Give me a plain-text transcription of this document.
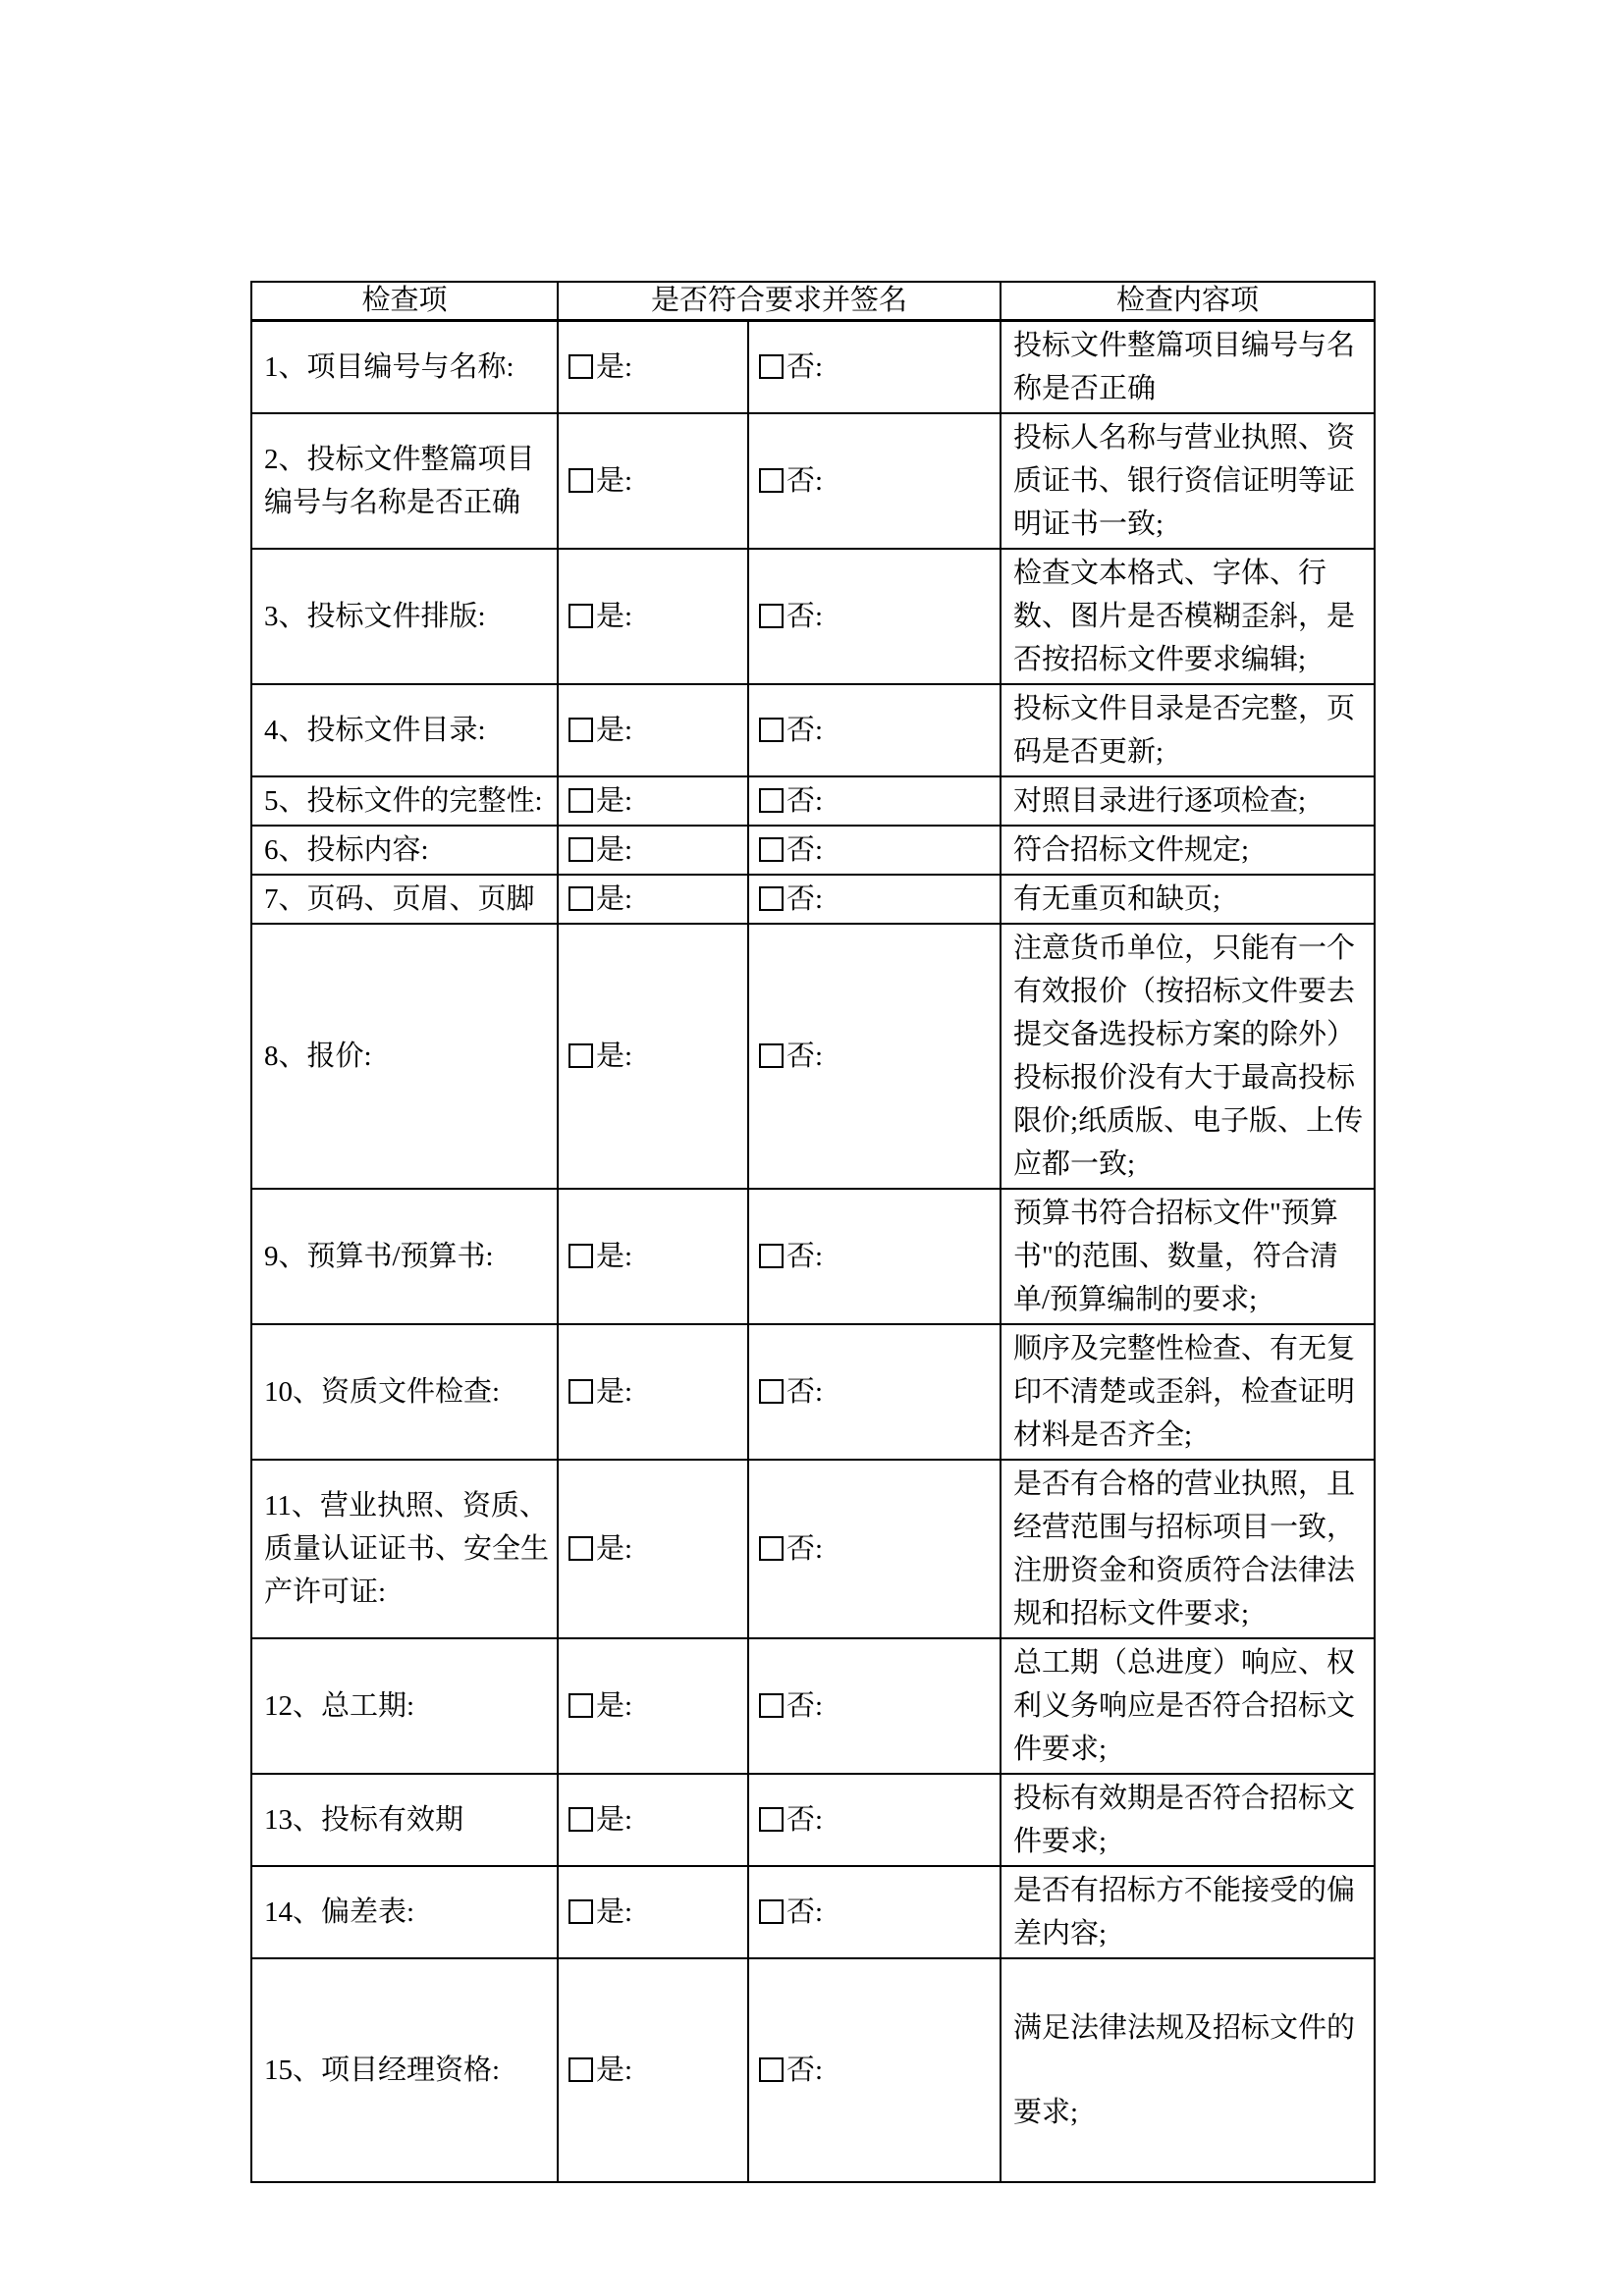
检查项	是否符合要求并签名		检查内容项
1、项目编号与名称:	是:	否:	投标文件整篇项目编号与名称是否正确
2、投标文件整篇项目编号与名称是否正确	是:	否:	投标人名称与营业执照、资质证书、银行资信证明等证明证书一致;
3、投标文件排版:	是:	否:	检查文本格式、字体、行数、图片是否模糊歪斜，是否按招标文件要求编辑;
4、投标文件目录:	是:	否:	投标文件目录是否完整，页码是否更新;
5、投标文件的完整性:	是:	否:	对照目录进行逐项检查;
6、投标内容:	是:	否:	符合招标文件规定;
7、页码、页眉、页脚	是:	否:	有无重页和缺页;
8、报价:	是:	否:	注意货币单位，只能有一个有效报价（按招标文件要去提交备选投标方案的除外）投标报价没有大于最高投标限价;纸质版、电子版、上传应都一致;
9、预算书/预算书:	是:	否:	预算书符合招标文件"预算书"的范围、数量，符合清单/预算编制的要求;
10、资质文件检查:	是:	否:	顺序及完整性检查、有无复印不清楚或歪斜，检查证明材料是否齐全;
11、营业执照、资质、质量认证证书、安全生产许可证:	是:	否:	是否有合格的营业执照，且经营范围与招标项目一致，注册资金和资质符合法律法规和招标文件要求;
12、总工期:	是:	否:	总工期（总进度）响应、权利义务响应是否符合招标文件要求;
13、投标有效期	是:	否:	投标有效期是否符合招标文件要求;
14、偏差表:	是:	否:	是否有招标方不能接受的偏差内容;
15、项目经理资格:	是:	否:	满足法律法规及招标文件的要求;
